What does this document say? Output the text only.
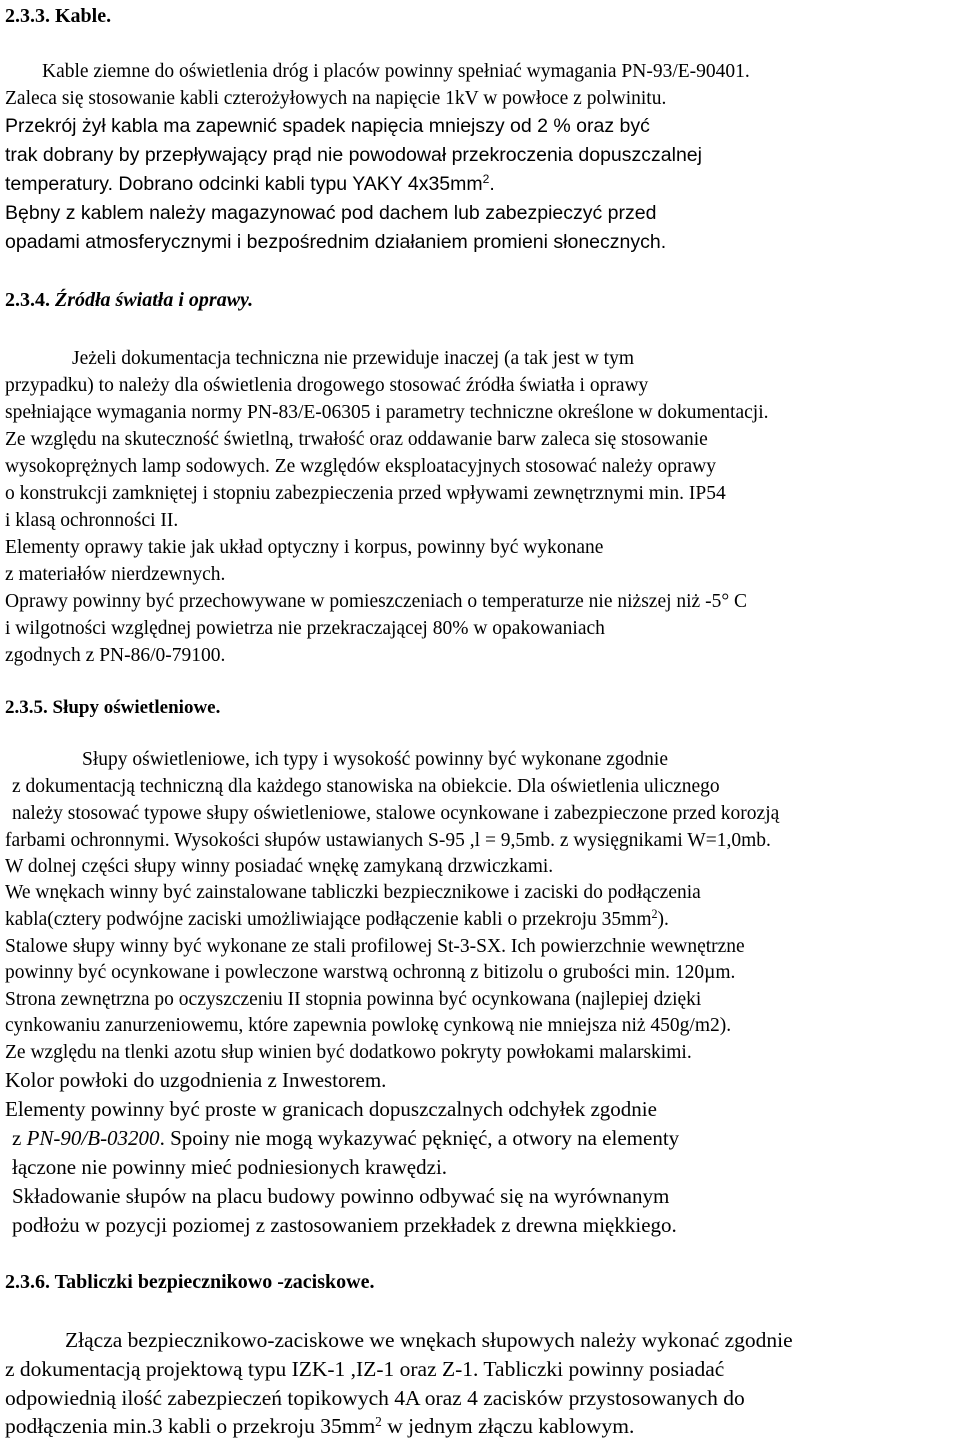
2.3.3. Kable.

Kable ziemne do oświetlenia dróg i placów powinny spełniać wymagania PN-93/E-90401.

Zaleca się stosowanie kabli czterożyłowych na napięcie 1kV w powłoce z polwinitu.

Przekrój żył kabla ma zapewnić spadek napięcia mniejszy od 2 % oraz być

trak dobrany by przepływający prąd nie powodował przekroczenia dopuszczalnej

temperatury. Dobrano odcinki kabli typu YAKY $4x35mm^2$.

Bębny z kablem należy magazynować pod dachem lub zabezpieczyć przed

opadami atmosferycznymi i bezpośrednim działaniem promieni słonecznych.

2.3.4. Źródła światła i oprawy.

Jeżeli dokumentacja techniczna nie przewiduje inaczej (a tak jest w tym

przypadku) to należy dla oświetlenia drogowego stosować źródła światła i oprawy

spełniające wymagania normy PN-83/E-06305 i parametry techniczne określone w dokumentacji.

Ze względu na skuteczność świetlną, trwałość oraz oddawanie barw zaleca się stosowanie

wysokoprężnych lamp sodowych. Ze względów eksploatacyjnych stosować należy oprawy

o konstrukcji zamkniętej i stopniu zabezpieczenia przed wpływami zewnętrznymi min. IP54

i klasą ochronności II.

Elementy oprawy takie jak układ optyczny i korpus, powinny być wykonane

z materiałów nierdzewnych.

Oprawy powinny być przechowywane w pomieszczeniach o temperaturze nie niższej niż -5° C

i wilgotności względnej powietrza nie przekraczającej 80% w opakowaniach

zgodnych z PN-86/0-79100.

2.3.5. Słupy oświetleniowe.

Słupy oświetleniowe, ich typy i wysokość powinny być wykonane zgodnie

z dokumentacją techniczną dla każdego stanowiska na obiekcie. Dla oświetlenia ulicznego

należy stosować typowe słupy oświetleniowe, stalowe ocynkowane i zabezpieczone przed korozją

farbami ochronnymi. Wysokości słupów ustawianych S-95 ,l = 9,5mb. z wysięgnikami W=1,0mb.

W dolnej części słupy winny posiadać wnękę zamykaną drzwiczkami.

We wnękach winny być zainstalowane tabliczki bezpiecznikowe i zaciski do podłączenia

kabla(cztery podwójne zaciski umożliwiające podłączenie kabli o przekroju $35mm^2$).

Stalowe słupy winny być wykonane ze stali profilowej St-3-SX. Ich powierzchnie wewnętrzne

powinny być ocynkowane i powleczone warstwą ochronną z bitizolu o grubości min. 120µm.

Strona zewnętrzna po oczyszczeniu II stopnia powinna być ocynkowana (najlepiej dzięki

cynkowaniu zanurzeniowemu, które zapewnia powlokę cynkową nie mniejsza niż 450g/m2).

Ze względu na tlenki azotu słup winien być dodatkowo pokryty powłokami malarskimi.

Kolor powłoki do uzgodnienia z Inwestorem.

Elementy powinny być proste w granicach dopuszczalnych odchyłek zgodnie

z PN-90/B-03200. Spoiny nie mogą wykazywać pęknięć, a otwory na elementy

łączone nie powinny mieć podniesionych krawędzi.

Składowanie słupów na placu budowy powinno odbywać się na wyrównanym

podłożu w pozycji poziomej z zastosowaniem przekładek z drewna miękkiego.

2.3.6. Tabliczki bezpiecznikowo -zaciskowe.

Złącza bezpiecznikowo-zaciskowe we wnękach słupowych należy wykonać zgodnie

z dokumentacją projektową typu IZK-1 ,IZ-1 oraz Z-1. Tabliczki powinny posiadać

odpowiednią ilość zabezpieczeń topikowych 4A oraz 4 zacisków przystosowanych do

podłączenia min.3 kabli o przekroju $35mm^2$ w jednym złączu kablowym.
